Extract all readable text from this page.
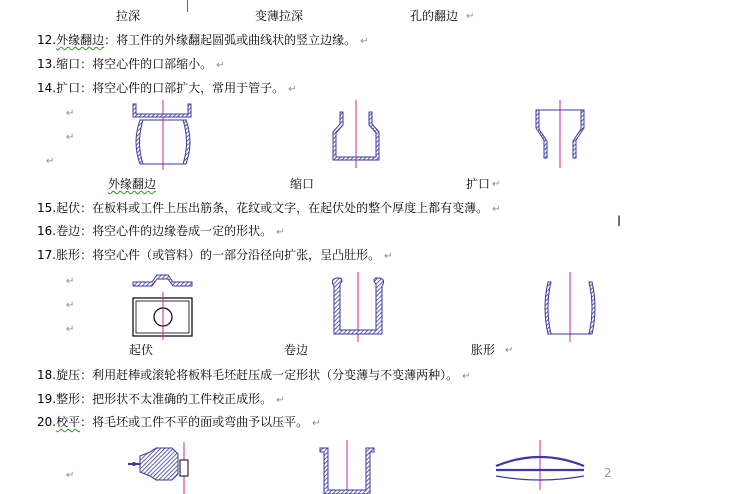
拉深	变薄拉深	孔的翻边 ↵
12.外缘翻边：将工件的外缘翻起圆弧或曲线状的竖立边缘。 ↵
13.缩口：将空心件的口部缩小。 ↵
14.扩口：将空心件的口部扩大，常用于管子。 ↵
↵
↵
↵
外缘翻边	缩口	扩口 ↵
15.起伏：在板料或工件上压出筋条，花纹或文字，在起伏处的整个厚度上都有变薄。 ↵
16.卷边：将空心件的边缘卷成一定的形状。 ↵
17.胀形：将空心件（或管料）的一部分沿径向扩张，呈凸肚形。 ↵
I
↵
↵
↵
起伏	卷边	胀形 ↵
18.旋压：利用赶棒或滚轮将板料毛坯赶压成一定形状（分变薄与不变薄两种）。 ↵
19.整形：把形状不太准确的工件校正成形。 ↵
20.校平：将毛坯或工件不平的面或弯曲予以压平。 ↵
↵	2
